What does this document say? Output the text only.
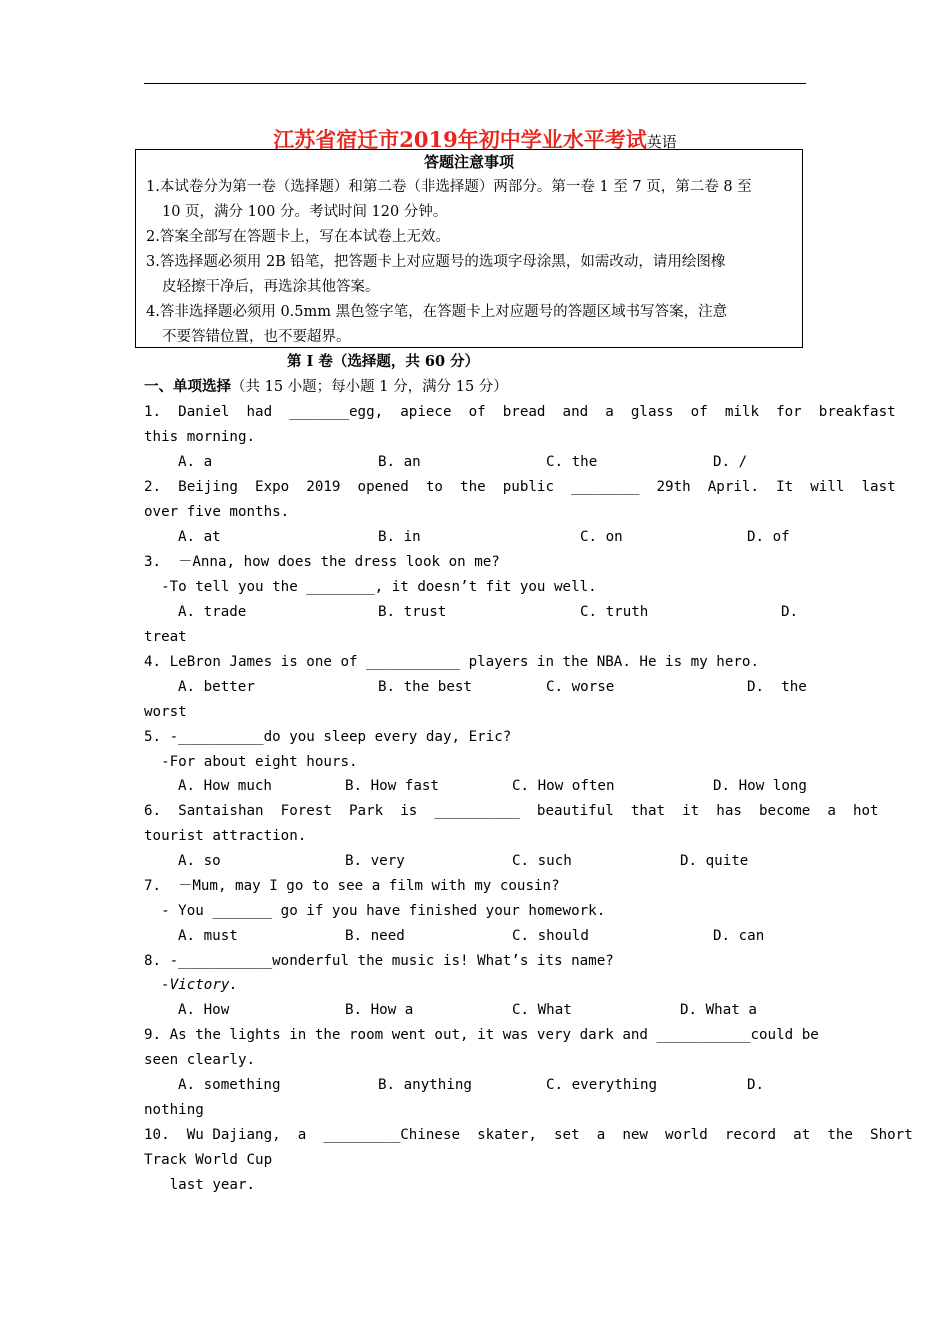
江苏省宿迁市2019年初中学业水平考试英语
答题注意事项
1.本试卷分为第一卷（选择题）和第二卷（非选择题）两部分。第一卷 1 至 7 页，第二卷 8 至
10 页，满分 100 分。考试时间 120 分钟。
2.答案全部写在答题卡上，写在本试卷上无效。
3.答选择题必须用 2B 铅笔，把答题卡上对应题号的选项字母涂黑，如需改动，请用绘图橡
皮轻擦干净后，再选涂其他答案。
4.答非选择题必须用 0.5mm 黑色签字笔，在答题卡上对应题号的答题区域书写答案，注意
不要答错位置，也不要超界。
第 I 卷（选择题，共 60 分）
一、单项选择（共 15 小题；每小题 1 分，满分 15 分）
1.  Daniel  had  _______egg,  apiece  of  bread  and  a  glass  of  milk  for  breakfast
this morning.
A. a	B. an	C. the	D. /
2.  Beijing  Expo  2019  opened  to  the  public  ________  29th  April.  It  will  last
over five months.
A. at	B. in	C. on	D. of
3.  －Anna, how does the dress look on me?
-To tell you the ________, it doesn’t fit you well.
A. trade	B. trust	C. truth	D.
treat
4. LeBron James is one of ___________ players in the NBA. He is my hero.
A. better	B. the best	C. worse	D.  the
worst
5. -__________do you sleep every day, Eric?
-For about eight hours.
A. How much	B. How fast	C. How often	D. How long
6.  Santaishan  Forest  Park  is  __________  beautiful  that  it  has  become  a  hot
tourist attraction.
A. so	B. very	C. such	D. quite
7.  －Mum, may I go to see a film with my cousin?
- You _______ go if you have finished your homework.
A. must	B. need	C. should	D. can
8. -___________wonderful the music is! What’s its name?
-Victory.
A. How	B. How a	C. What	D. What a
9. As the lights in the room went out, it was very dark and ___________could be
seen clearly.
A. something	B. anything	C. everything	D.
nothing
10.  Wu Dajiang,  a  _________Chinese  skater,  set  a  new  world  record  at  the  Short
Track World Cup
last year.
